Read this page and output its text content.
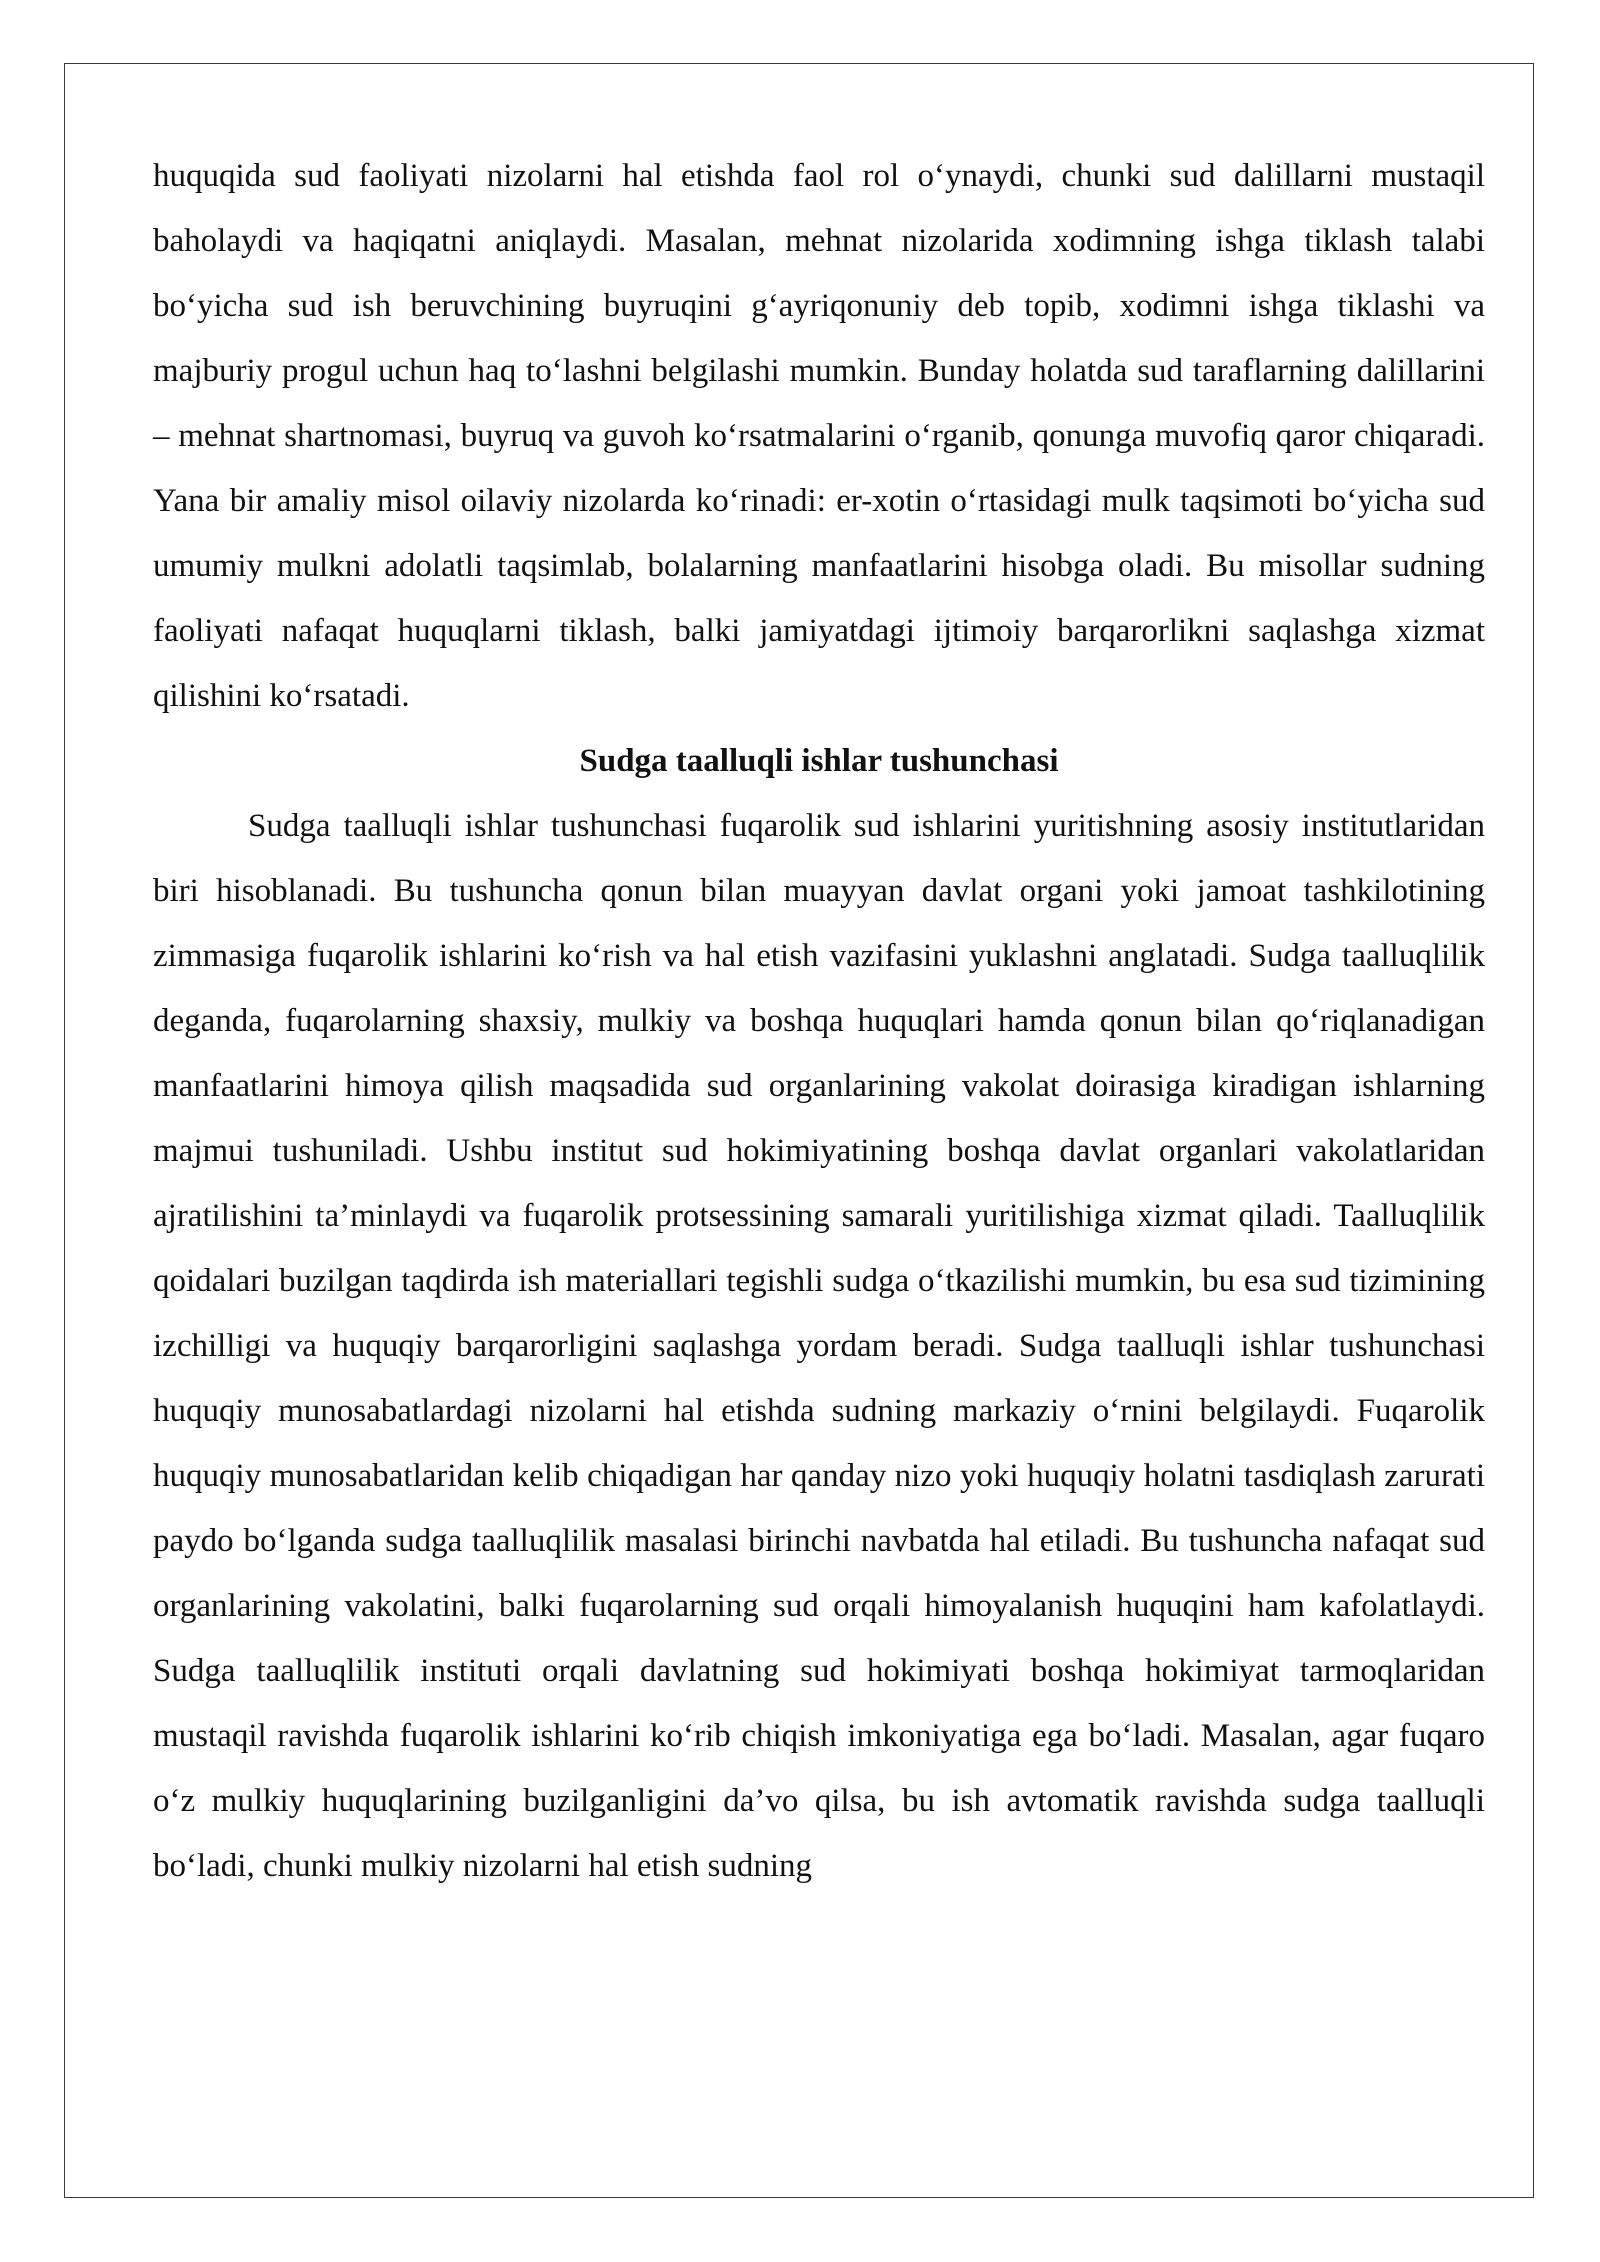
huquqida sud faoliyati nizolarni hal etishda faol rol o‘ynaydi, chunki sud dalillarni mustaqil baholaydi va haqiqatni aniqlaydi. Masalan, mehnat nizolarida xodimning ishga tiklash talabi bo‘yicha sud ish beruvchining buyruqini g‘ayriqonuniy deb topib, xodimni ishga tiklashi va majburiy progul uchun haq to‘lashni belgilashi mumkin. Bunday holatda sud taraflarning dalillarini – mehnat shartnomasi, buyruq va guvoh ko‘rsatmalarini o‘rganib, qonunga muvofiq qaror chiqaradi. Yana bir amaliy misol oilaviy nizolarda ko‘rinadi: er-xotin o‘rtasidagi mulk taqsimoti bo‘yicha sud umumiy mulkni adolatli taqsimlab, bolalarning manfaatlarini hisobga oladi. Bu misollar sudning faoliyati nafaqat huquqlarni tiklash, balki jamiyatdagi ijtimoiy barqarorlikni saqlashga xizmat qilishini ko‘rsatadi.

Sudga taalluqli ishlar tushunchasi

Sudga taalluqli ishlar tushunchasi fuqarolik sud ishlarini yuritishning asosiy institutlaridan biri hisoblanadi. Bu tushuncha qonun bilan muayyan davlat organi yoki jamoat tashkilotining zimmasiga fuqarolik ishlarini ko‘rish va hal etish vazifasini yuklashni anglatadi. Sudga taalluqlilik deganda, fuqarolarning shaxsiy, mulkiy va boshqa huquqlari hamda qonun bilan qo‘riqlanadigan manfaatlarini himoya qilish maqsadida sud organlarining vakolat doirasiga kiradigan ishlarning majmui tushuniladi. Ushbu institut sud hokimiyatining boshqa davlat organlari vakolatlaridan ajratilishini ta’minlaydi va fuqarolik protsessining samarali yuritilishiga xizmat qiladi. Taalluqlilik qoidalari buzilgan taqdirda ish materiallari tegishli sudga o‘tkazilishi mumkin, bu esa sud tizimining izchilligi va huquqiy barqarorligini saqlashga yordam beradi. Sudga taalluqli ishlar tushunchasi huquqiy munosabatlardagi nizolarni hal etishda sudning markaziy o‘rnini belgilaydi. Fuqarolik huquqiy munosabatlaridan kelib chiqadigan har qanday nizo yoki huquqiy holatni tasdiqlash zarurati paydo bo‘lganda sudga taalluqlilik masalasi birinchi navbatda hal etiladi. Bu tushuncha nafaqat sud organlarining vakolatini, balki fuqarolarning sud orqali himoyalanish huquqini ham kafolatlaydi. Sudga taalluqlilik instituti orqali davlatning sud hokimiyati boshqa hokimiyat tarmoqlaridan mustaqil ravishda fuqarolik ishlarini ko‘rib chiqish imkoniyatiga ega bo‘ladi. Masalan, agar fuqaro o‘z mulkiy huquqlarining buzilganligini da’vo qilsa, bu ish avtomatik ravishda sudga taalluqli bo‘ladi, chunki mulkiy nizolarni hal etish sudning
